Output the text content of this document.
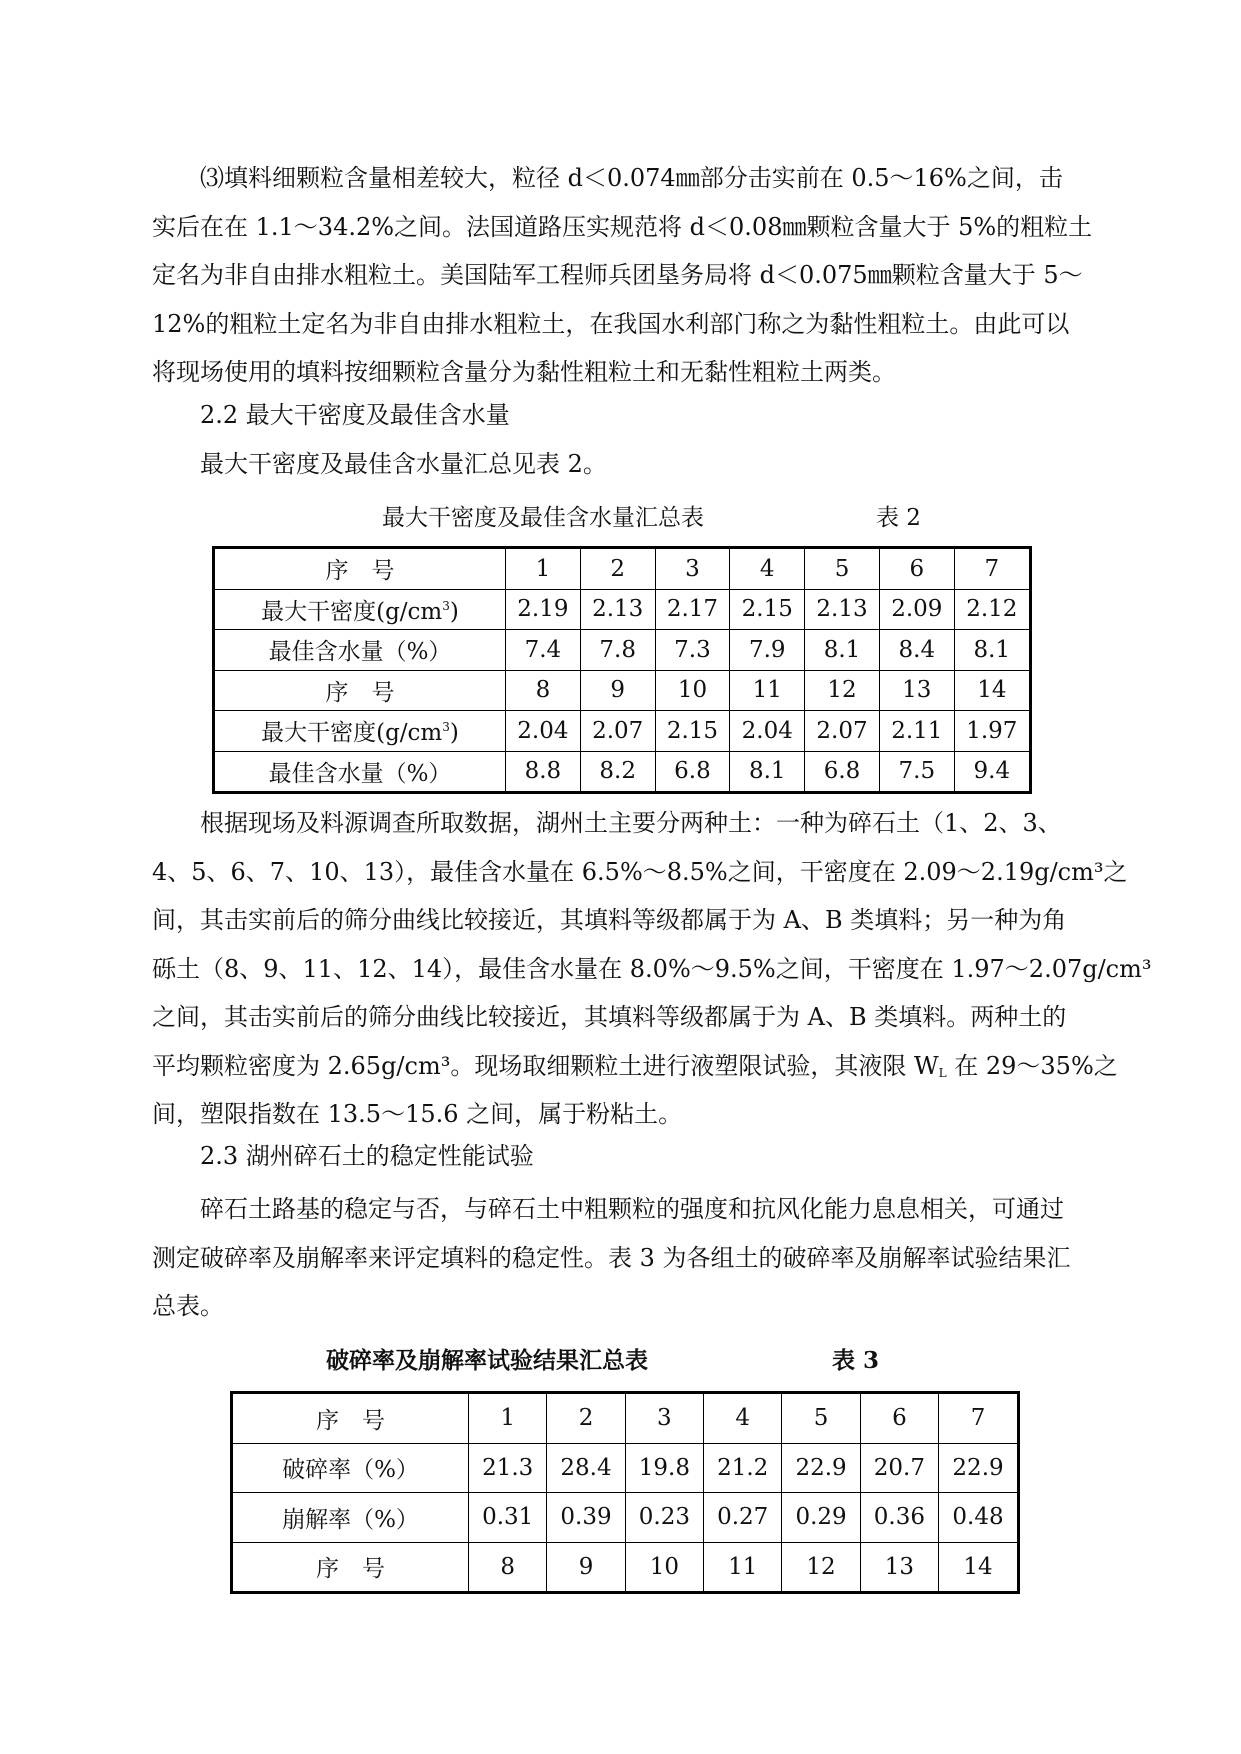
⑶填料细颗粒含量相差较大，粒径 d＜0.074㎜部分击实前在 0.5～16%之间，击
实后在在 1.1～34.2%之间。法国道路压实规范将 d＜0.08㎜颗粒含量大于 5%的粗粒土
定名为非自由排水粗粒土。美国陆军工程师兵团垦务局将 d＜0.075㎜颗粒含量大于 5～
12%的粗粒土定名为非自由排水粗粒土，在我国水利部门称之为黏性粗粒土。由此可以
将现场使用的填料按细颗粒含量分为黏性粗粒土和无黏性粗粒土两类。
2.2 最大干密度及最佳含水量
最大干密度及最佳含水量汇总见表 2。
最大干密度及最佳含水量汇总表	表 2
序　号	1	2	3	4	5	6	7
最大干密度$(g/cm^3)$	2.19	2.13	2.17	2.15	2.13	2.09	2.12
最佳含水量（%）	7.4	7.8	7.3	7.9	8.1	8.4	8.1
序　号	8	9	10	11	12	13	14
最大干密度$(g/cm^3)$	2.04	2.07	2.15	2.04	2.07	2.11	1.97
最佳含水量（%）	8.8	8.2	6.8	8.1	6.8	7.5	9.4
根据现场及料源调查所取数据，湖州土主要分两种土：一种为碎石土（1、2、3、
4、5、6、7、10、13），最佳含水量在 6.5%～8.5%之间，干密度在 2.09～2.19g/cm³之
间，其击实前后的筛分曲线比较接近，其填料等级都属于为 A、B 类填料；另一种为角
砾土（8、9、11、12、14），最佳含水量在 8.0%～9.5%之间，干密度在 1.97～2.07g/cm³
之间，其击实前后的筛分曲线比较接近，其填料等级都属于为 A、B 类填料。两种土的
平均颗粒密度为 2.65g/cm³。现场取细颗粒土进行液塑限试验，其液限 $W_L$ 在 29～35%之
间，塑限指数在 13.5～15.6 之间，属于粉粘土。
2.3 湖州碎石土的稳定性能试验
碎石土路基的稳定与否，与碎石土中粗颗粒的强度和抗风化能力息息相关，可通过
测定破碎率及崩解率来评定填料的稳定性。表 3 为各组土的破碎率及崩解率试验结果汇
总表。
破碎率及崩解率试验结果汇总表	表 3
序　号	1	2	3	4	5	6	7
破碎率（%）	21.3	28.4	19.8	21.2	22.9	20.7	22.9
崩解率（%）	0.31	0.39	0.23	0.27	0.29	0.36	0.48
序　号	8	9	10	11	12	13	14
